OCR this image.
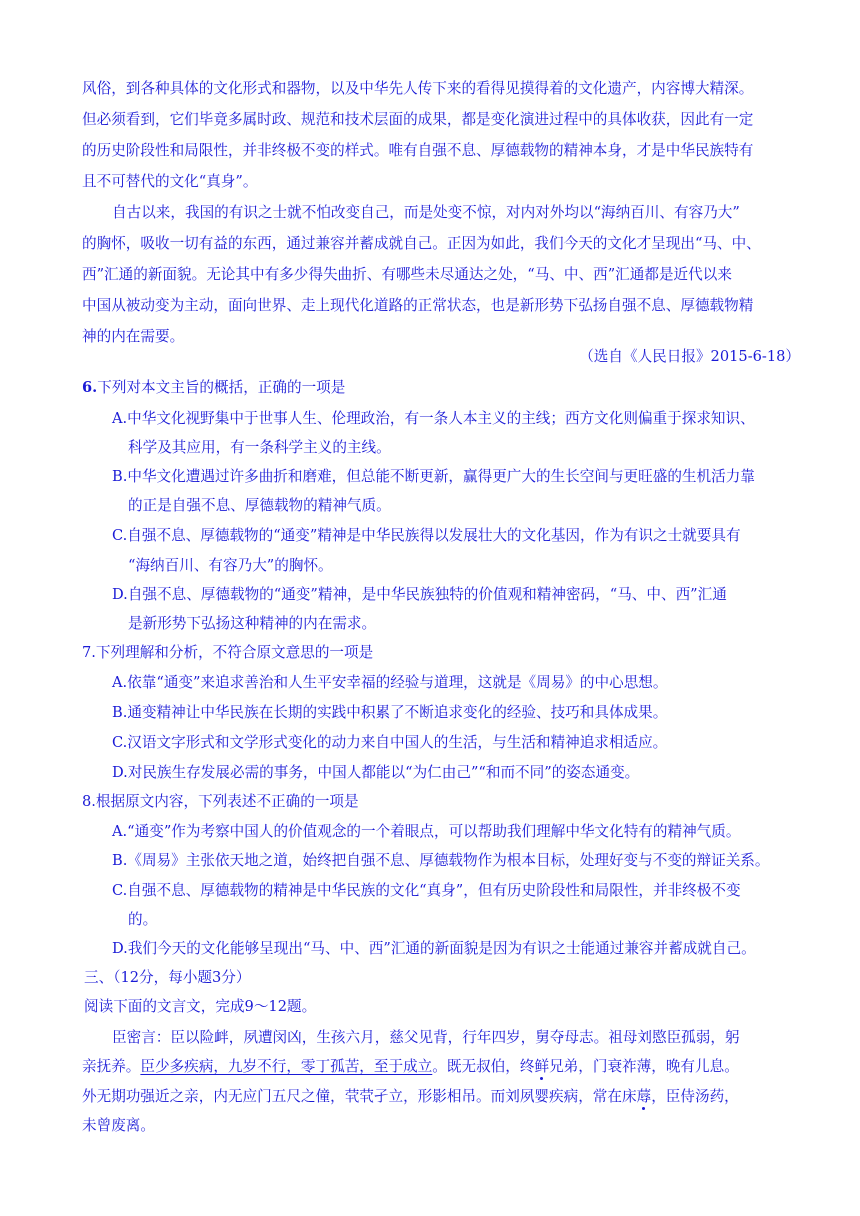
风俗，到各种具体的文化形式和器物，以及中华先人传下来的看得见摸得着的文化遗产，内容博大精深。
但必须看到，它们毕竟多属时政、规范和技术层面的成果，都是变化演进过程中的具体收获，因此有一定
的历史阶段性和局限性，并非终极不变的样式。唯有自强不息、厚德载物的精神本身，才是中华民族特有
且不可替代的文化“真身”。
自古以来，我国的有识之士就不怕改变自己，而是处变不惊，对内对外均以“海纳百川、有容乃大”
的胸怀，吸收一切有益的东西，通过兼容并蓄成就自己。正因为如此，我们今天的文化才呈现出“马、中、
西”汇通的新面貌。无论其中有多少得失曲折、有哪些未尽通达之处，“马、中、西”汇通都是近代以来
中国从被动变为主动，面向世界、走上现代化道路的正常状态，也是新形势下弘扬自强不息、厚德载物精
神的内在需要。
（选自《人民日报》2015-6-18）
6.下列对本文主旨的概括，正确的一项是
A.中华文化视野集中于世事人生、伦理政治，有一条人本主义的主线；西方文化则偏重于探求知识、
科学及其应用，有一条科学主义的主线。
B.中华文化遭遇过许多曲折和磨难，但总能不断更新，赢得更广大的生长空间与更旺盛的生机活力靠
的正是自强不息、厚德载物的精神气质。
C.自强不息、厚德载物的“通变”精神是中华民族得以发展壮大的文化基因，作为有识之士就要具有
“海纳百川、有容乃大”的胸怀。
D.自强不息、厚德载物的“通变”精神，是中华民族独特的价值观和精神密码，“马、中、西”汇通
是新形势下弘扬这种精神的内在需求。
7.下列理解和分析，不符合原文意思的一项是
A.依靠“通变”来追求善治和人生平安幸福的经验与道理，这就是《周易》的中心思想。
B.通变精神让中华民族在长期的实践中积累了不断追求变化的经验、技巧和具体成果。
C.汉语文字形式和文学形式变化的动力来自中国人的生活，与生活和精神追求相适应。
D.对民族生存发展必需的事务，中国人都能以“为仁由己”“和而不同”的姿态通变。
8.根据原文内容，下列表述不正确的一项是
A.“通变”作为考察中国人的价值观念的一个着眼点，可以帮助我们理解中华文化特有的精神气质。
B.《周易》主张依天地之道，始终把自强不息、厚德载物作为根本目标，处理好变与不变的辩证关系。
C.自强不息、厚德载物的精神是中华民族的文化“真身”，但有历史阶段性和局限性，并非终极不变
的。
D.我们今天的文化能够呈现出“马、中、西”汇通的新面貌是因为有识之士能通过兼容并蓄成就自己。
三、（12分，每小题3分）
阅读下面的文言文，完成9～12题。
臣密言：臣以险衅，夙遭闵凶，生孩六月，慈父见背，行年四岁，舅夺母志。祖母刘愍臣孤弱，躬
亲抚养。臣少多疾病，九岁不行，零丁孤苦，至于成立。既无叔伯，终鲜兄弟，门衰祚薄，晚有儿息。
外无期功强近之亲，内无应门五尺之僮，茕茕孑立，形影相吊。而刘夙婴疾病，常在床蓐，臣侍汤药，
未曾废离。
